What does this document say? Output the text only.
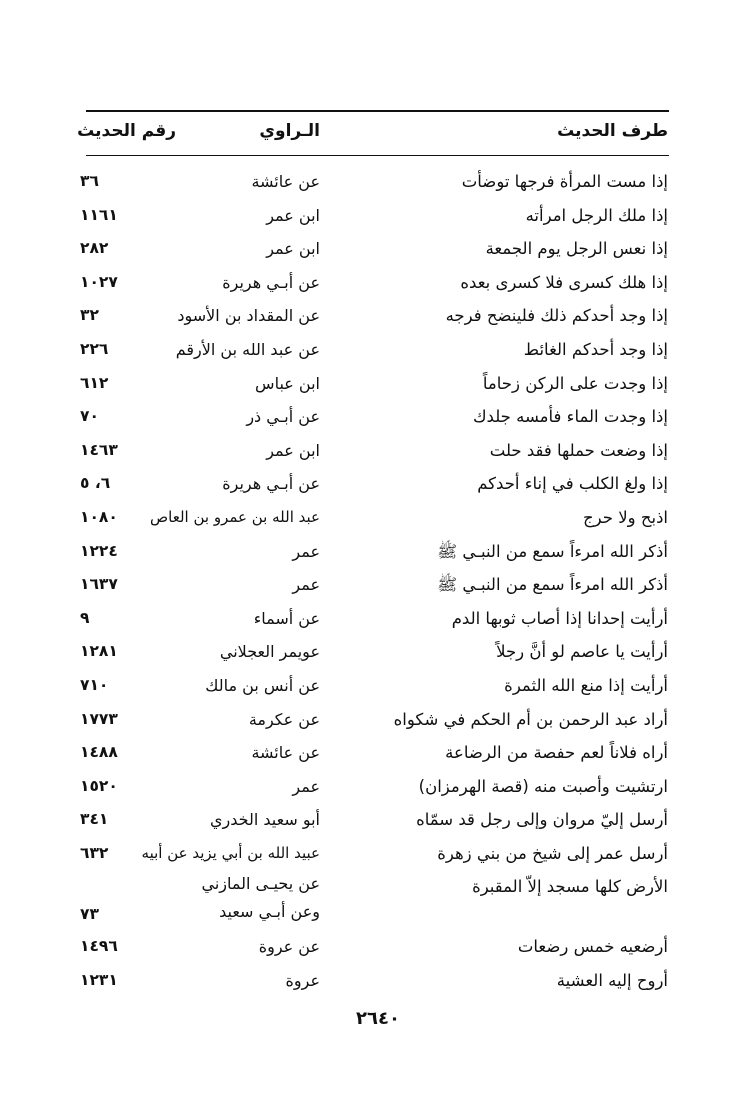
طرف الحديث
الـراوي
رقم الحديث
إذا مست المرأة فرجها توضأت
عن عائشة
٣٦
إذا ملك الرجل امرأته
ابن عمر
١١٦١
إذا نعس الرجل يوم الجمعة
ابن عمر
٢٨٢
إذا هلك كسرى فلا كسرى بعده
عن أبـي هريرة
١٠٢٧
إذا وجد أحدكم ذلك فلينضح فرجه
عن المقداد بن الأسود
٣٢
إذا وجد أحدكم الغائط
عن عبد الله بن الأرقم
٢٢٦
إذا وجدت على الركن زحاماً
ابن عباس
٦١٢
إذا وجدت الماء فأمسه جلدك
عن أبـي ذر
٧٠
إذا وضعت حملها فقد حلت
ابن عمر
١٤٦٣
إذا ولغ الكلب في إناء أحدكم
عن أبـي هريرة
٦، ٥
اذبح ولا حرج
عبد الله بن عمرو بن العاص
١٠٨٠
أذكر الله امرءاً سمع من النبـي ﷺ
عمر
١٢٢٤
أذكر الله امرءاً سمع من النبـي ﷺ
عمر
١٦٣٧
أرأيت إحدانا إذا أصاب ثوبها الدم
عن أسماء
٩
أرأيت يا عاصم لو أنَّ رجلاً
عويمر العجلاني
١٢٨١
أرأيت إذا منع الله الثمرة
عن أنس بن مالك
٧١٠
أراد عبد الرحمن بن أم الحكم في شكواه
عن عكرمة
١٧٧٣
أراه فلاناً لعم حفصة من الرضاعة
عن عائشة
١٤٨٨
ارتشيت وأصبت منه (قصة الهرمزان)
عمر
١٥٢٠
أرسل إليّ مروان وإلى رجل قد سمّاه
أبو سعيد الخدري
٣٤١
أرسل عمر إلى شيخ من بني زهرة
عبيد الله بن أبي يزيد عن أبيه
٦٣٢
الأرض كلها مسجد إلاّ المقبرة
عن يحيـى المازني
وعن أبـي سعيد
٧٣
أرضعيه خمس رضعات
عن عروة
١٤٩٦
أروح إليه العشية
عروة
١٢٣١
٢٦٤٠
